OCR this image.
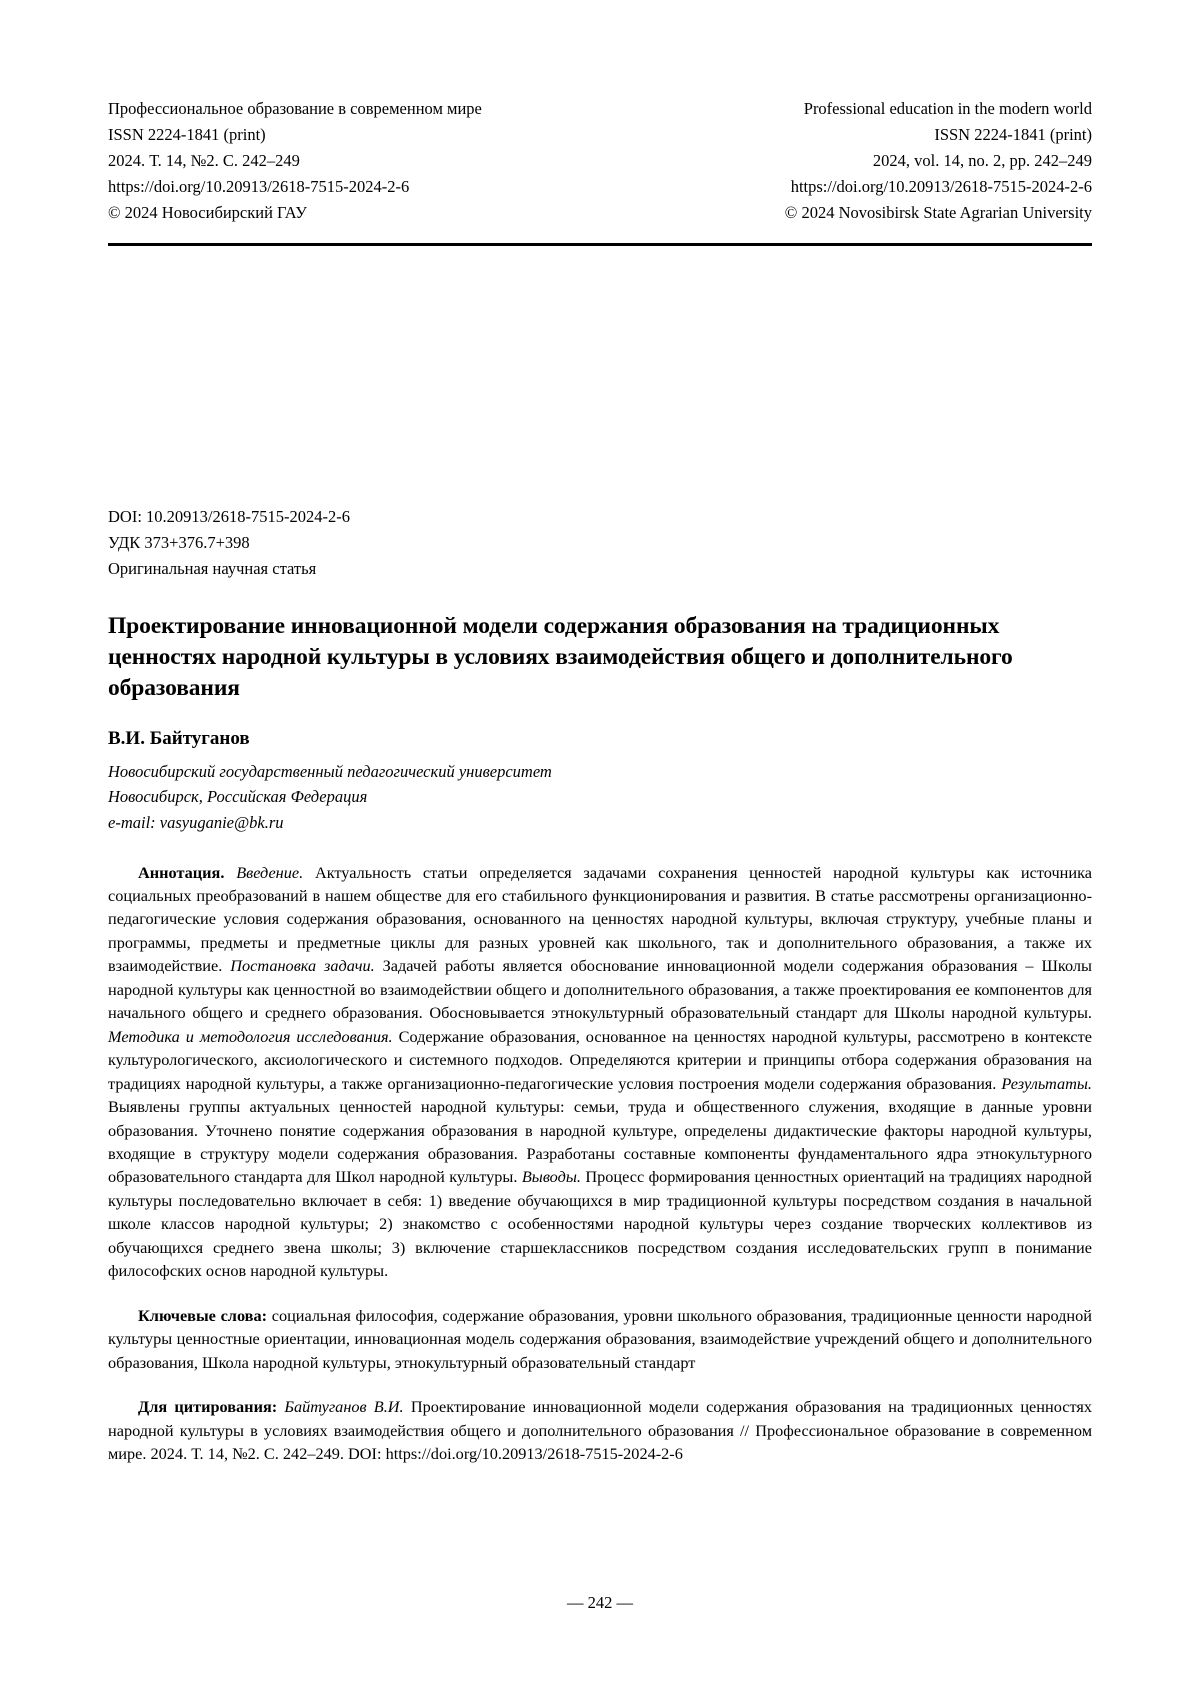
Профессиональное образование в современном мире
ISSN 2224-1841 (print)
2024. Т. 14, №2. С. 242–249
https://doi.org/10.20913/2618-7515-2024-2-6
© 2024 Новосибирский ГАУ
Professional education in the modern world
ISSN 2224-1841 (print)
2024, vol. 14, no. 2, pp. 242–249
https://doi.org/10.20913/2618-7515-2024-2-6
© 2024 Novosibirsk State Agrarian University
DOI: 10.20913/2618-7515-2024-2-6
УДК 373+376.7+398
Оригинальная научная статья
Проектирование инновационной модели содержания образования на традиционных ценностях народной культуры в условиях взаимодействия общего и дополнительного образования
В.И. Байтуганов
Новосибирский государственный педагогический университет
Новосибирск, Российская Федерация
e-mail: vasyuganie@bk.ru

Аннотация. Введение. Актуальность статьи определяется задачами сохранения ценностей народной культуры как источника социальных преобразований в нашем обществе для его стабильного функционирования и развития. В статье рассмотрены организационно-педагогические условия содержания образования, основанного на ценностях народной культуры, включая структуру, учебные планы и программы, предметы и предметные циклы для разных уровней как школьного, так и дополнительного образования, а также их взаимодействие. Постановка задачи. Задачей работы является обоснование инновационной модели содержания образования – Школы народной культуры как ценностной во взаимодействии общего и дополнительного образования, а также проектирования ее компонентов для начального общего и среднего образования. Обосновывается этнокультурный образовательный стандарт для Школы народной культуры. Методика и методология исследования. Содержание образования, основанное на ценностях народной культуры, рассмотрено в контексте культурологического, аксиологического и системного подходов. Определяются критерии и принципы отбора содержания образования на традициях народной культуры, а также организационно-педагогические условия построения модели содержания образования. Результаты. Выявлены группы актуальных ценностей народной культуры: семьи, труда и общественного служения, входящие в данные уровни образования. Уточнено понятие содержания образования в народной культуре, определены дидактические факторы народной культуры, входящие в структуру модели содержания образования. Разработаны составные компоненты фундаментального ядра этнокультурного образовательного стандарта для Школ народной культуры. Выводы. Процесс формирования ценностных ориентаций на традициях народной культуры последовательно включает в себя: 1) введение обучающихся в мир традиционной культуры посредством создания в начальной школе классов народной культуры; 2) знакомство с особенностями народной культуры через создание творческих коллективов из обучающихся среднего звена школы; 3) включение старшеклассников посредством создания исследовательских групп в понимание философских основ народной культуры.

Ключевые слова: социальная философия, содержание образования, уровни школьного образования, традиционные ценности народной культуры ценностные ориентации, инновационная модель содержания образования, взаимодействие учреждений общего и дополнительного образования, Школа народной культуры, этнокультурный образовательный стандарт

Для цитирования: Байтуганов В.И. Проектирование инновационной модели содержания образования на традиционных ценностях народной культуры в условиях взаимодействия общего и дополнительного образования // Профессиональное образование в современном мире. 2024. Т. 14, №2. С. 242–249. DOI: https://doi.org/10.20913/2618-7515-2024-2-6

— 242 —
